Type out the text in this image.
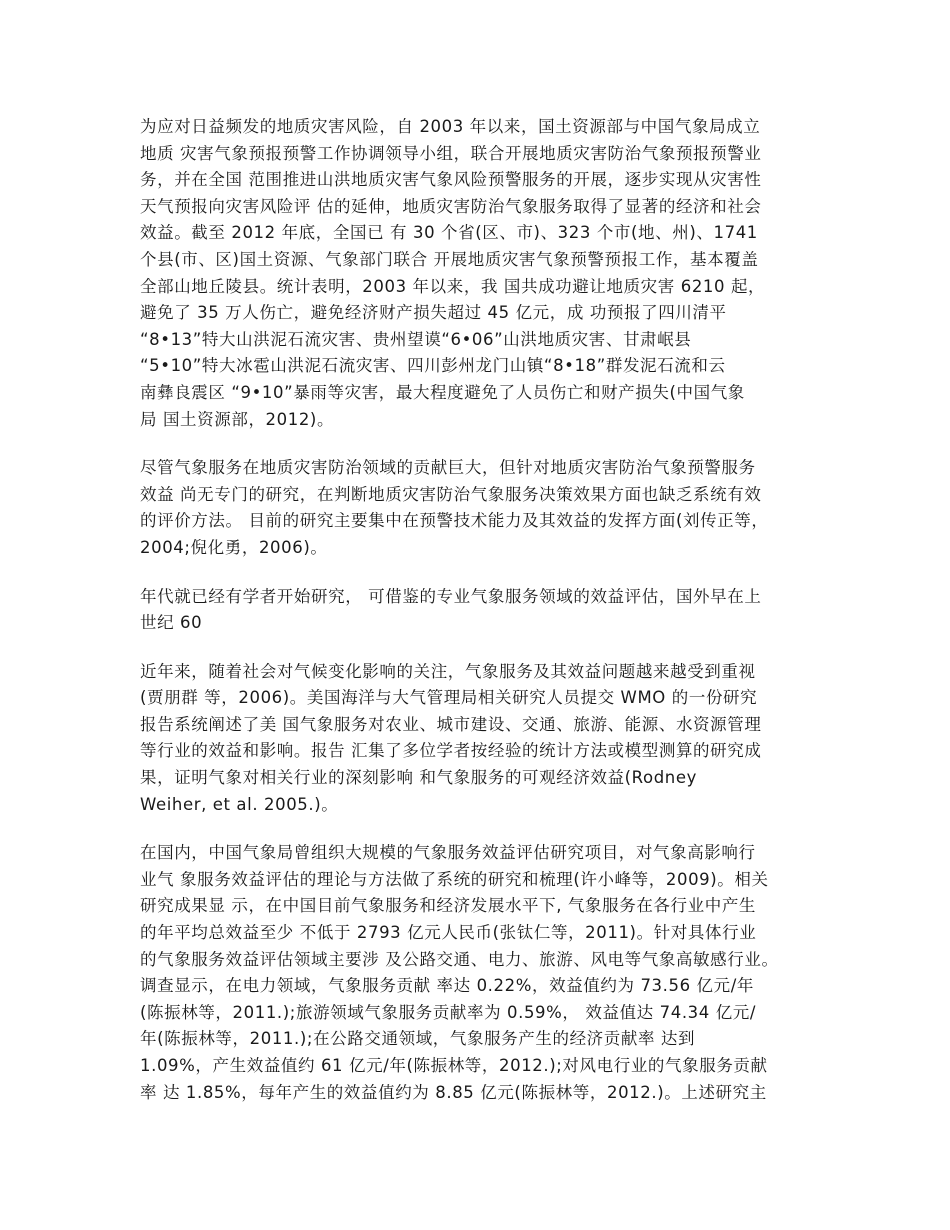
为应对日益频发的地质灾害风险，自 2003 年以来，国土资源部与中国气象局成立
地质 灾害气象预报预警工作协调领导小组，联合开展地质灾害防治气象预报预警业
务，并在全国 范围推进山洪地质灾害气象风险预警服务的开展，逐步实现从灾害性
天气预报向灾害风险评 估的延伸，地质灾害防治气象服务取得了显著的经济和社会
效益。截至 2012 年底，全国已 有 30 个省(区、市)、323 个市(地、州)、1741
个县(市、区)国土资源、气象部门联合 开展地质灾害气象预警预报工作，基本覆盖
全部山地丘陵县。统计表明，2003 年以来，我 国共成功避让地质灾害 6210 起，
避免了 35 万人伤亡，避免经济财产损失超过 45 亿元，成 功预报了四川清平
“8•13”特大山洪泥石流灾害、贵州望谟“6•06”山洪地质灾害、甘肃岷县
“5•10”特大冰雹山洪泥石流灾害、四川彭州龙门山镇“8•18”群发泥石流和云
南彝良震区 “9•10”暴雨等灾害，最大程度避免了人员伤亡和财产损失(中国气象
局 国土资源部，2012)。
尽管气象服务在地质灾害防治领域的贡献巨大，但针对地质灾害防治气象预警服务
效益 尚无专门的研究，在判断地质灾害防治气象服务决策效果方面也缺乏系统有效
的评价方法。 目前的研究主要集中在预警技术能力及其效益的发挥方面(刘传正等，
2004;倪化勇，2006)。
年代就已经有学者开始研究， 可借鉴的专业气象服务领域的效益评估，国外早在上
世纪 60
近年来，随着社会对气候变化影响的关注，气象服务及其效益问题越来越受到重视
(贾朋群 等，2006)。美国海洋与大气管理局相关研究人员提交 WMO 的一份研究
报告系统阐述了美 国气象服务对农业、城市建设、交通、旅游、能源、水资源管理
等行业的效益和影响。报告 汇集了多位学者按经验的统计方法或模型测算的研究成
果，证明气象对相关行业的深刻影响 和气象服务的可观经济效益(Rodney
Weiher, et al. 2005.)。
在国内，中国气象局曾组织大规模的气象服务效益评估研究项目，对气象高影响行
业气 象服务效益评估的理论与方法做了系统的研究和梳理(许小峰等，2009)。相关
研究成果显 示，在中国目前气象服务和经济发展水平下, 气象服务在各行业中产生
的年平均总效益至少 不低于 2793 亿元人民币(张钛仁等，2011)。针对具体行业
的气象服务效益评估领域主要涉 及公路交通、电力、旅游、风电等气象高敏感行业。
调查显示，在电力领域，气象服务贡献 率达 0.22%，效益值约为 73.56 亿元/年
(陈振林等，2011.);旅游领域气象服务贡献率为 0.59%， 效益值达 74.34 亿元/
年(陈振林等，2011.);在公路交通领域，气象服务产生的经济贡献率 达到
1.09%，产生效益值约 61 亿元/年(陈振林等，2012.);对风电行业的气象服务贡献
率 达 1.85%，每年产生的效益值约为 8.85 亿元(陈振林等，2012.)。上述研究主
